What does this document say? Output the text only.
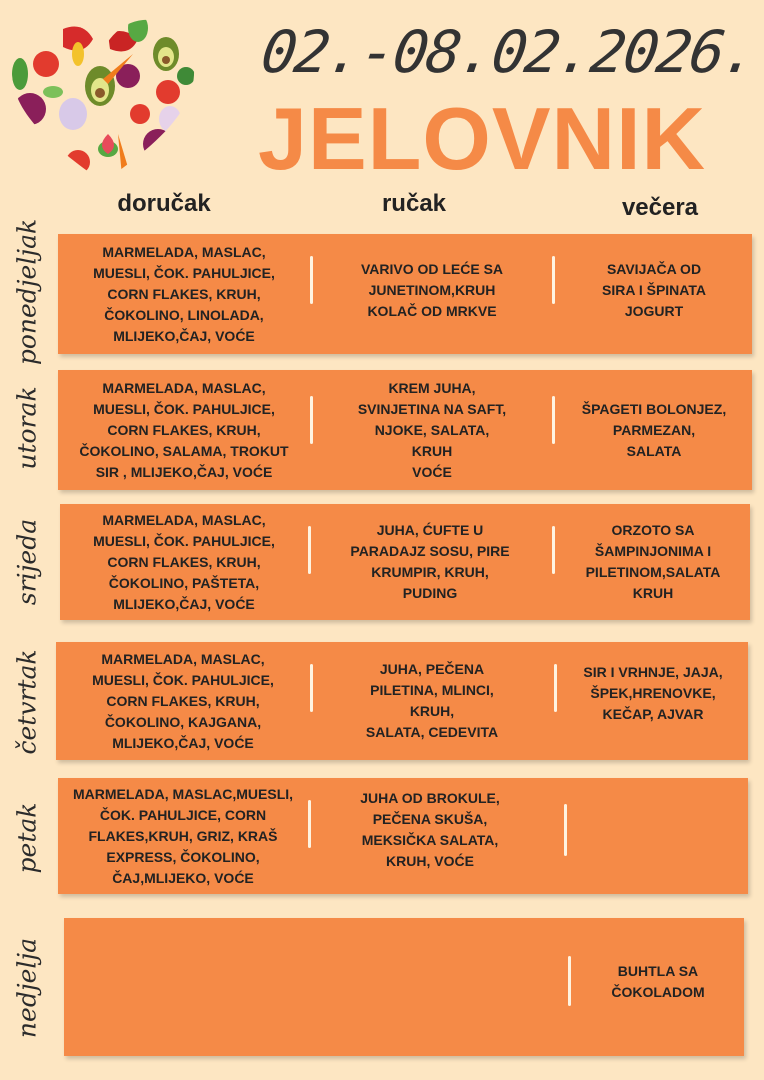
02.-08.02.2026.
JELOVNIK
doručak	ručak	večera
ponedjeljak
utorak
srijeda
četvrtak
petak
nedjelja
MARMELADA, MASLAC,
MUESLI, ČOK. PAHULJICE,
CORN FLAKES, KRUH,
ČOKOLINO, LINOLADA,
MLIJEKO,ČAJ, VOĆE
VARIVO OD LEĆE SA
JUNETINOM,KRUH
KOLAČ OD MRKVE
SAVIJAČA OD
SIRA I ŠPINATA
JOGURT
MARMELADA, MASLAC,
MUESLI, ČOK. PAHULJICE,
CORN FLAKES, KRUH,
ČOKOLINO, SALAMA, TROKUT
SIR , MLIJEKO,ČAJ, VOĆE
KREM JUHA,
SVINJETINA NA SAFT,
NJOKE, SALATA,
KRUH
VOĆE
ŠPAGETI BOLONJEZ,
PARMEZAN,
SALATA
MARMELADA, MASLAC,
MUESLI, ČOK. PAHULJICE,
CORN FLAKES, KRUH,
ČOKOLINO, PAŠTETA,
MLIJEKO,ČAJ, VOĆE
JUHA, ĆUFTE U
PARADAJZ SOSU, PIRE
KRUMPIR, KRUH,
PUDING
ORZOTO SA
ŠAMPINJONIMA I
PILETINOM,SALATA
KRUH
MARMELADA, MASLAC,
MUESLI, ČOK. PAHULJICE,
CORN FLAKES, KRUH,
ČOKOLINO, KAJGANA,
MLIJEKO,ČAJ, VOĆE
JUHA, PEČENA
PILETINA, MLINCI,
KRUH,
SALATA, CEDEVITA
SIR I VRHNJE, JAJA,
ŠPEK,HRENOVKE,
KEČAP, AJVAR
MARMELADA, MASLAC,MUESLI,
ČOK. PAHULJICE, CORN
FLAKES,KRUH, GRIZ, KRAŠ
EXPRESS, ČOKOLINO,
ČAJ,MLIJEKO, VOĆE
JUHA OD BROKULE,
PEČENA SKUŠA,
MEKSIČKA SALATA,
KRUH, VOĆE
BUHTLA SA
ČOKOLADOM
